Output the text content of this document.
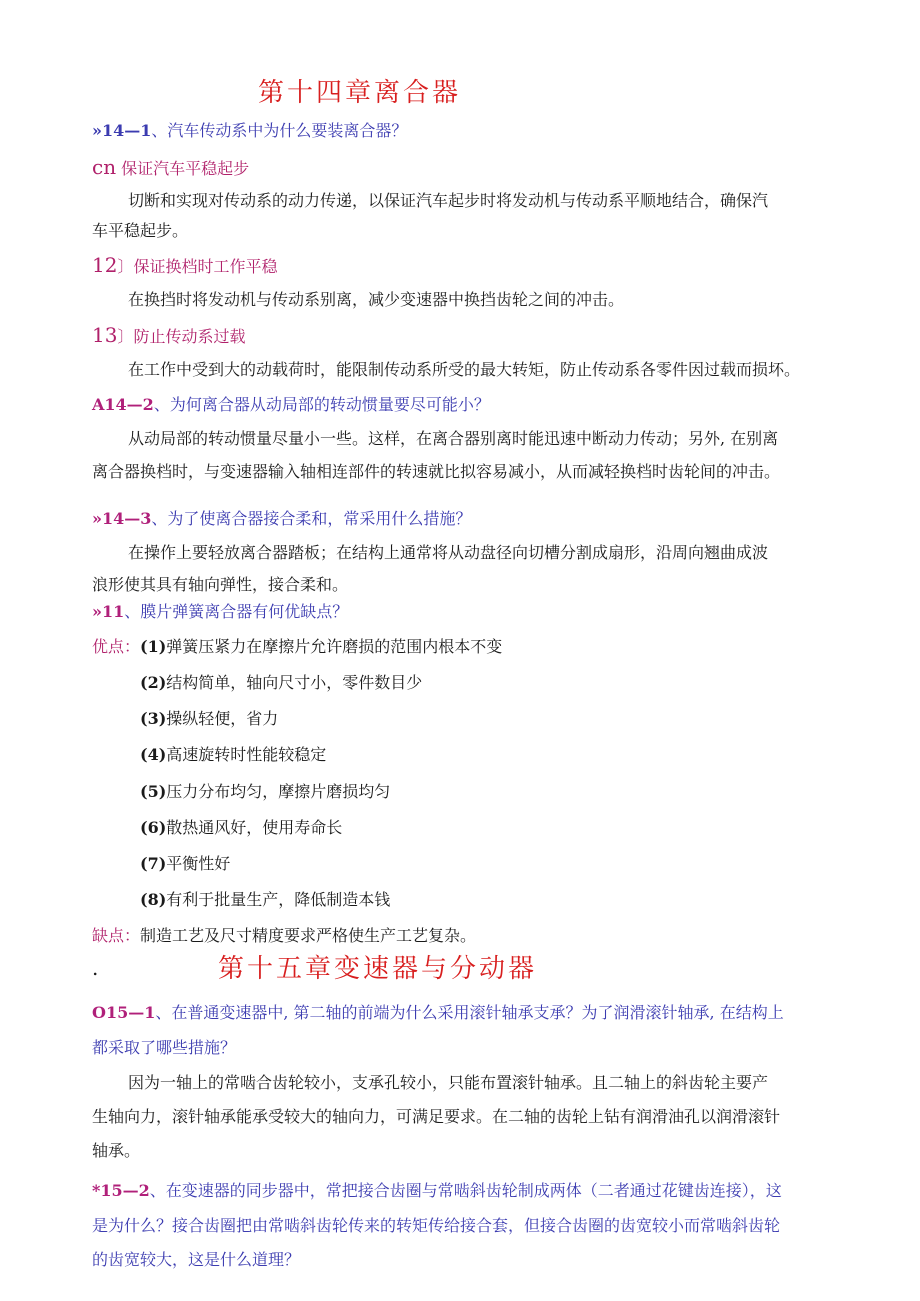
第十四章离合器
»14—1、汽车传动系中为什么要装离合器？
cn 保证汽车平稳起步
切断和实现对传动系的动力传递，以保证汽车起步时将发动机与传动系平顺地结合，确保汽
车平稳起步。
12〕保证换档时工作平稳
在换挡时将发动机与传动系别离，减少变速器中换挡齿轮之间的冲击。
13〕防止传动系过载
在工作中受到大的动载荷时，能限制传动系所受的最大转矩，防止传动系各零件因过载而损坏。
A14—2、为何离合器从动局部的转动惯量要尽可能小？
从动局部的转动惯量尽量小一些。这样，在离合器别离时能迅速中断动力传动；另外, 在别离
离合器换档时，与变速器输入轴相连部件的转速就比拟容易减小，从而减轻换档时齿轮间的冲击。
»14—3、为了使离合器接合柔和，常采用什么措施？
在操作上要轻放离合器踏板；在结构上通常将从动盘径向切槽分割成扇形，沿周向翘曲成波
浪形使其具有轴向弹性，接合柔和。
»11、膜片弹簧离合器有何优缺点？
优点：(1)弹簧压紧力在摩擦片允许磨损的范围内根本不变
(2)结构简单，轴向尺寸小，零件数目少
(3)操纵轻便，省力
(4)高速旋转时性能较稳定
(5)压力分布均匀，摩擦片磨损均匀
(6)散热通风好，使用寿命长
(7)平衡性好
(8)有利于批量生产，降低制造本钱
缺点：制造工艺及尺寸精度要求严格使生产工艺复杂。
.	第十五章变速器与分动器
O15—1、在普通变速器中, 第二轴的前端为什么采用滚针轴承支承？为了润滑滚针轴承, 在结构上
都采取了哪些措施？
因为一轴上的常啮合齿轮较小，支承孔较小，只能布置滚针轴承。且二轴上的斜齿轮主要产
生轴向力，滚针轴承能承受较大的轴向力，可满足要求。在二轴的齿轮上钻有润滑油孔以润滑滚针
轴承。
*15—2、在变速器的同步器中，常把接合齿圈与常啮斜齿轮制成两体（二者通过花键齿连接），这
是为什么？接合齿圈把由常啮斜齿轮传来的转矩传给接合套，但接合齿圈的齿宽较小而常啮斜齿轮
的齿宽较大，这是什么道理？
